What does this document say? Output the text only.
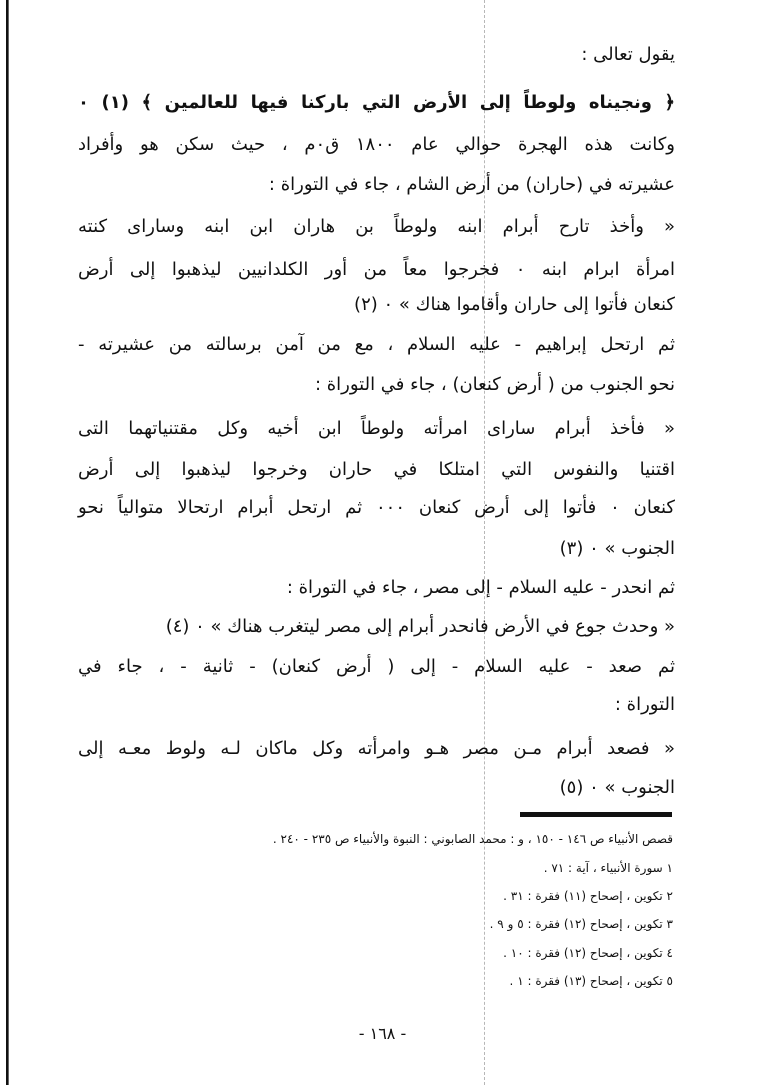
يقول تعالى :
﴿ ونجيناه ولوطاً إلى الأرض التي باركنا فيها للعالمين ﴾ (١) ٠
وكانت هذه الهجرة حوالي عام ١٨٠٠ ق٠م ، حيث سكن هو وأفراد
عشيرته في (حاران) من أرض الشام ، جاء في التوراة :
« وأخذ تارح أبرام ابنه ولوطاً بن هاران ابن ابنه وساراى كنته
امرأة ابرام ابنه ٠ فخرجوا معاً من أور الكلدانيين ليذهبوا إلى أرض
كنعان فأتوا إلى حاران وأقاموا هناك » ٠ (٢)
ثم ارتحل إبراهيم - عليه السلام ، مع من آمن برسالته من عشيرته -
نحو الجنوب من ( أرض كنعان) ، جاء في التوراة :
« فأخذ أبرام ساراى امرأته ولوطاً ابن أخيه وكل مقتنياتهما التى
اقتنيا والنفوس التي امتلكا في حاران وخرجوا ليذهبوا إلى أرض
كنعان ٠ فأتوا إلى أرض كنعان ٠٠٠ ثم ارتحل أبرام ارتحالا متوالياً نحو
الجنوب » ٠ (٣)
ثم انحدر - عليه السلام - إلى مصر ، جاء في التوراة :
« وحدث جوع في الأرض فانحدر أبرام إلى مصر ليتغرب هناك » ٠ (٤)
ثم صعد - عليه السلام - إلى ( أرض كنعان) - ثانية - ، جاء في
التوراة :
« فصعد أبرام مـن مصر هـو وامرأته وكل ماكان لـه ولوط معـه إلى
الجنوب » ٠ (٥)
قصص الأنبياء ص ١٤٦ - ١٥٠ ، و : محمد الصابوني : النبوة والأنبياء ص ٢٣٥ - ٢٤٠ .
١ سورة الأنبياء ، آية : ٧١ .
٢ تكوين ، إصحاح (١١) فقرة : ٣١ .
٣ تكوين ، إصحاح (١٢) فقرة : ٥ و ٩ .
٤ تكوين ، إصحاح (١٢) فقرة : ١٠ .
٥ تكوين ، إصحاح (١٣) فقرة : ١ .
- ١٦٨ -
